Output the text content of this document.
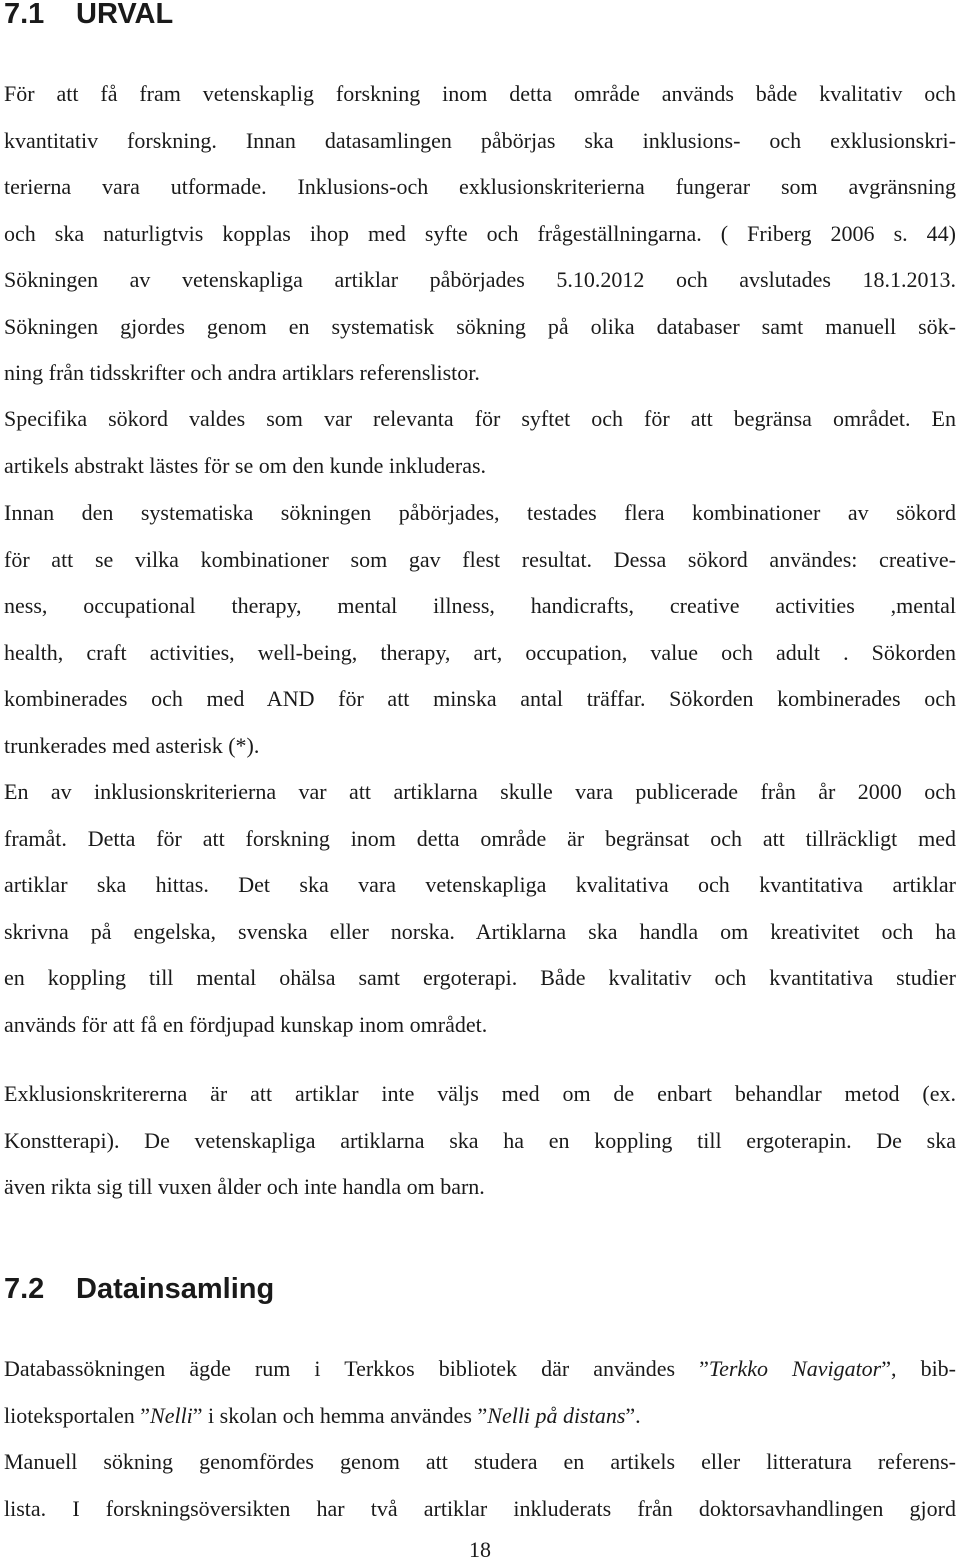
7.1 URVAL
För att få fram vetenskaplig forskning inom detta område används både kvalitativ och
kvantitativ forskning. Innan datasamlingen påbörjas ska inklusions- och exklusionskri-
terierna vara utformade. Inklusions-och exklusionskriterierna fungerar som avgränsning
och ska naturligtvis kopplas ihop med syfte och frågeställningarna. ( Friberg 2006 s. 44)
Sökningen av vetenskapliga artiklar påbörjades 5.10.2012 och avslutades 18.1.2013.
Sökningen gjordes genom en systematisk sökning på olika databaser samt manuell sök-
ning från tidsskrifter och andra artiklars referenslistor.
Specifika sökord valdes som var relevanta för syftet och för att begränsa området. En
artikels abstrakt lästes för se om den kunde inkluderas.
Innan den systematiska sökningen påbörjades, testades flera kombinationer av sökord
för att se vilka kombinationer som gav flest resultat. Dessa sökord användes: creative-
ness, occupational therapy, mental illness, handicrafts, creative activities ,mental
health, craft activities, well-being, therapy, art, occupation, value och adult . Sökorden
kombinerades och med AND för att minska antal träffar. Sökorden kombinerades och
trunkerades med asterisk (*).
En av inklusionskriterierna var att artiklarna skulle vara publicerade från år 2000 och
framåt. Detta för att forskning inom detta område är begränsat och att tillräckligt med
artiklar ska hittas. Det ska vara vetenskapliga kvalitativa och kvantitativa artiklar
skrivna på engelska, svenska eller norska. Artiklarna ska handla om kreativitet och ha
en koppling till mental ohälsa samt ergoterapi. Både kvalitativ och kvantitativa studier
används för att få en fördjupad kunskap inom området.
Exklusionskritererna är att artiklar inte väljs med om de enbart behandlar metod (ex.
Konstterapi). De vetenskapliga artiklarna ska ha en koppling till ergoterapin. De ska
även rikta sig till vuxen ålder och inte handla om barn.
7.2 Datainsamling
Databassökningen ägde rum i Terkkos bibliotek där användes ”Terkko Navigator”, bib-
lioteksportalen ”Nelli” i skolan och hemma användes ”Nelli på distans”.
Manuell sökning genomfördes genom att studera en artikels eller litteratura referens-
lista. I forskningsöversikten har två artiklar inkluderats från doktorsavhandlingen gjord
18
